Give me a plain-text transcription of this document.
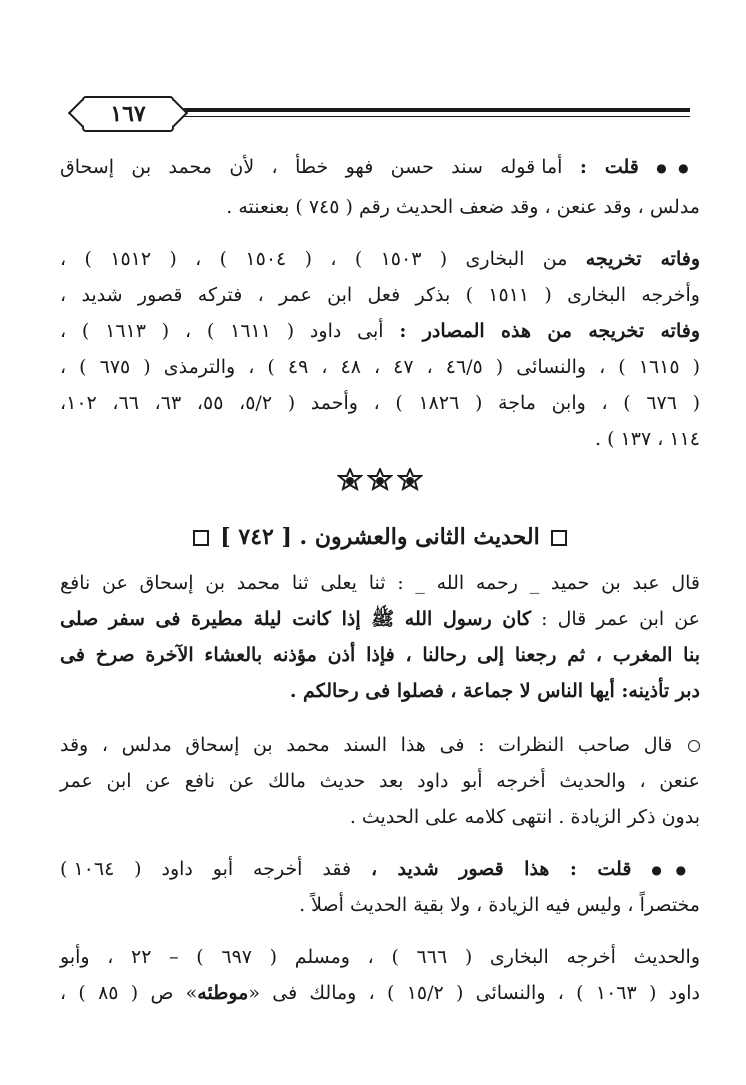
١٦٧
●● قلت : أما قوله سند حسن فهو خطأ ، لأن محمد بن إسحاق
مدلس ، وقد عنعن ، وقد ضعف الحديث رقم ( ٧٤٥ ) بعنعنته .
وفاته تخريجه من البخارى ( ١٥٠٣ ) ، ( ١٥٠٤ ) ، ( ١٥١٢ ) ،
وأخرجه البخارى ( ١٥١١ ) بذكر فعل ابن عمر ، فتركه قصور شديد ،
وفاته تخريجه من هذه المصادر : أبى داود ( ١٦١١ ) ، ( ١٦١٣ ) ،
( ١٦١٥ ) ، والنسائى ( ٤٦/٥ ، ٤٧ ، ٤٨ ، ٤٩ ) ، والترمذى ( ٦٧٥ ) ،
( ٦٧٦ ) ، وابن ماجة ( ١٨٢٦ ) ، وأحمد ( ٥/٢، ٥٥، ٦٣، ٦٦، ١٠٢،
١١٤ ، ١٣٧ ) .
الحديث الثانى والعشرون . [ ٧٤٢ ]
قال عبد بن حميد _ رحمه الله _ : ثنا يعلى ثنا محمد بن إسحاق عن نافع
عن ابن عمر قال : كان رسول الله ﷺ إذا كانت ليلة مطيرة فى سفر صلى
بنا المغرب ، ثم رجعنا إلى رحالنا ، فإذا أذن مؤذنه بالعشاء الآخرة صرخ فى
دبر تأذينه: أيها الناس لا جماعة ، فصلوا فى رحالكم .
قال صاحب النظرات : فى هذا السند محمد بن إسحاق مدلس ، وقد
عنعن ، والحديث أخرجه أبو داود بعد حديث مالك عن نافع عن ابن عمر
بدون ذكر الزيادة . انتهى كلامه على الحديث .
●● قلت : هذا قصور شديد ، فقد أخرجه أبو داود ( ١٠٦٤ )
مختصراً ، وليس فيه الزيادة ، ولا بقية الحديث أصلاً .
والحديث أخرجه البخارى ( ٦٦٦ ) ، ومسلم ( ٦٩٧ ) – ٢٢ ، وأبو
داود ( ١٠٦٣ ) ، والنسائى ( ١٥/٢ ) ، ومالك فى «موطئه» ص ( ٨٥ ) ،
